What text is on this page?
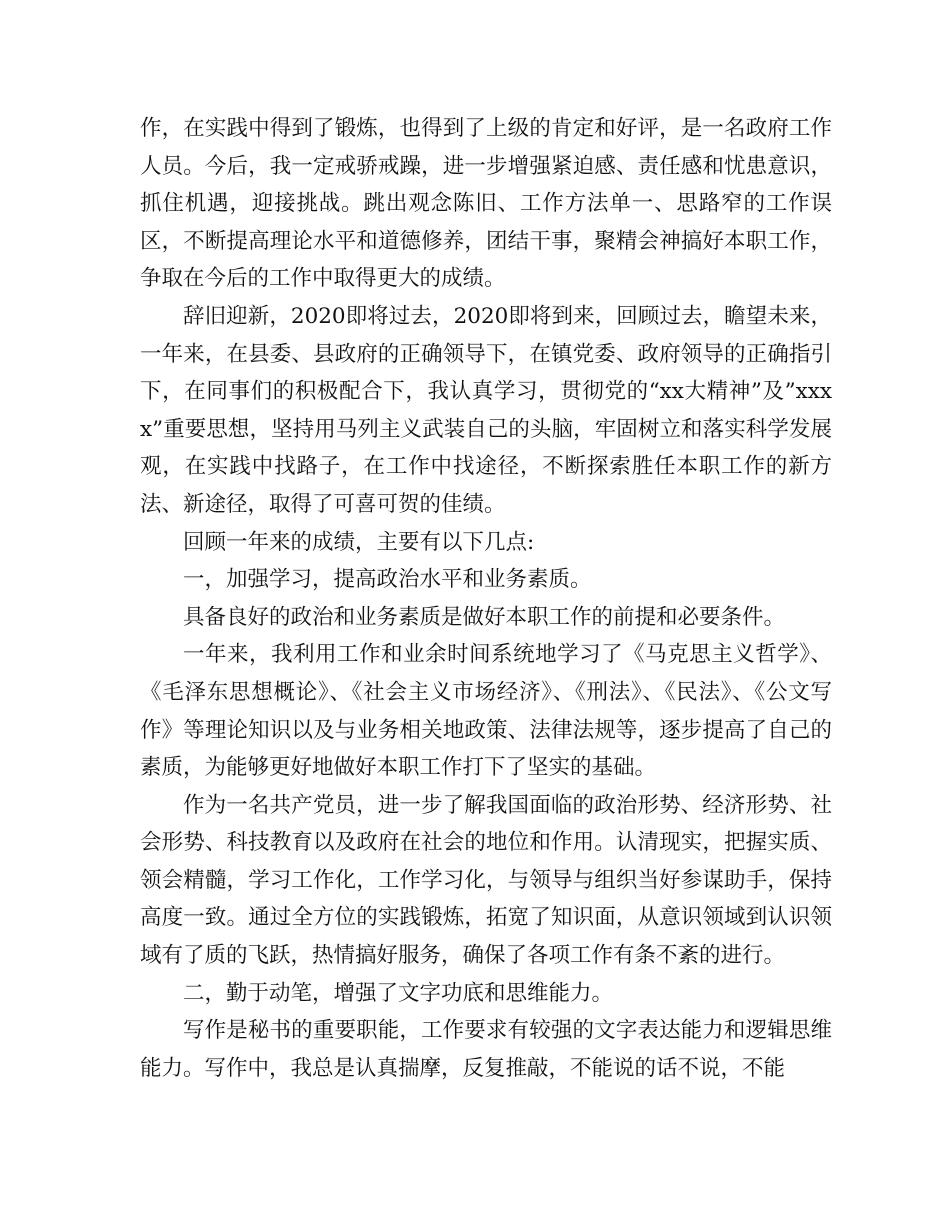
作，在实践中得到了锻炼，也得到了上级的肯定和好评，是一名政府工作人员。今后，我一定戒骄戒躁，进一步增强紧迫感、责任感和忧患意识，抓住机遇，迎接挑战。跳出观念陈旧、工作方法单一、思路窄的工作误区，不断提高理论水平和道德修养，团结干事，聚精会神搞好本职工作，争取在今后的工作中取得更大的成绩。

辞旧迎新，2020即将过去，2020即将到来，回顾过去，瞻望未来，一年来，在县委、县政府的正确领导下，在镇党委、政府领导的正确指引下，在同事们的积极配合下，我认真学习，贯彻党的“xx大精神”及”xxxx”重要思想，坚持用马列主义武装自己的头脑，牢固树立和落实科学发展观，在实践中找路子，在工作中找途径，不断探索胜任本职工作的新方法、新途径，取得了可喜可贺的佳绩。

回顾一年来的成绩，主要有以下几点:

一，加强学习，提高政治水平和业务素质。

具备良好的政治和业务素质是做好本职工作的前提和必要条件。

一年来，我利用工作和业余时间系统地学习了《马克思主义哲学》、《毛泽东思想概论》、《社会主义市场经济》、《刑法》、《民法》、《公文写作》等理论知识以及与业务相关地政策、法律法规等，逐步提高了自己的素质，为能够更好地做好本职工作打下了坚实的基础。

作为一名共产党员，进一步了解我国面临的政治形势、经济形势、社会形势、科技教育以及政府在社会的地位和作用。认清现实，把握实质、领会精髓，学习工作化，工作学习化，与领导与组织当好参谋助手，保持高度一致。通过全方位的实践锻炼，拓宽了知识面，从意识领域到认识领域有了质的飞跃，热情搞好服务，确保了各项工作有条不紊的进行。

二，勤于动笔，增强了文字功底和思维能力。

写作是秘书的重要职能，工作要求有较强的文字表达能力和逻辑思维能力。写作中，我总是认真揣摩，反复推敲，不能说的话不说，不能
